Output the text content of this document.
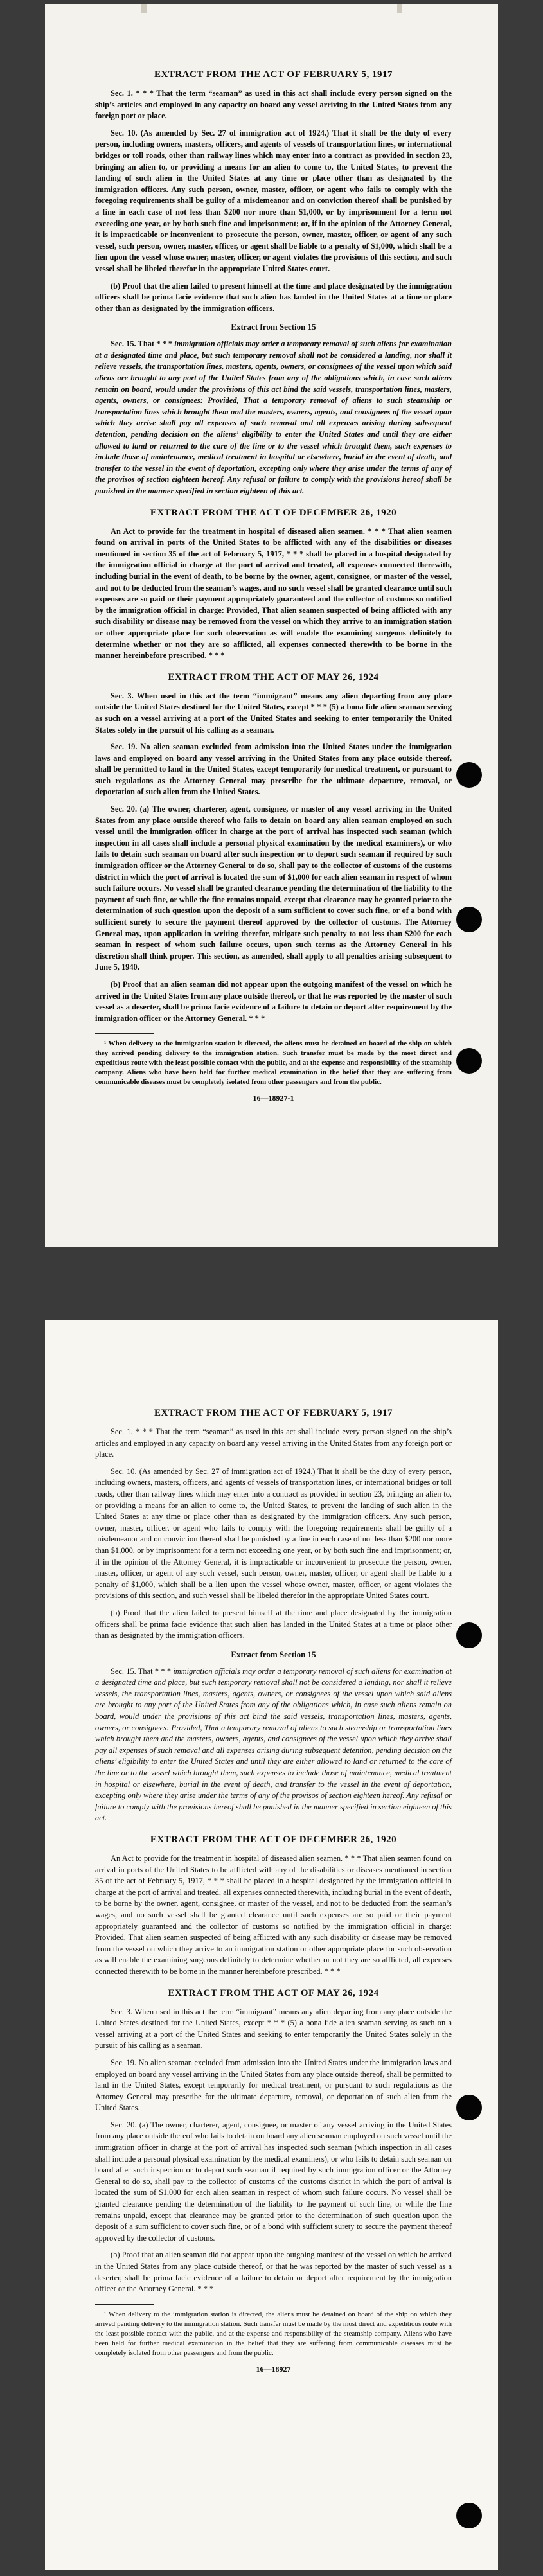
EXTRACT FROM THE ACT OF FEBRUARY 5, 1917

Sec. 1. * * * That the term “seaman” as used in this act shall include every person signed on the ship’s articles and employed in any capacity on board any vessel arriving in the United States from any foreign port or place.

Sec. 10. (As amended by Sec. 27 of immigration act of 1924.) That it shall be the duty of every person, including owners, masters, officers, and agents of vessels of transportation lines, or international bridges or toll roads, other than railway lines which may enter into a contract as provided in section 23, bringing an alien to, or providing a means for an alien to come to, the United States, to prevent the landing of such alien in the United States at any time or place other than as designated by the immigration officers. Any such person, owner, master, officer, or agent who fails to comply with the foregoing requirements shall be guilty of a misdemeanor and on conviction thereof shall be punished by a fine in each case of not less than $200 nor more than $1,000, or by imprisonment for a term not exceeding one year, or by both such fine and imprisonment; or, if in the opinion of the Attorney General, it is impracticable or inconvenient to prosecute the person, owner, master, officer, or agent of any such vessel, such person, owner, master, officer, or agent shall be liable to a penalty of $1,000, which shall be a lien upon the vessel whose owner, master, officer, or agent violates the provisions of this section, and such vessel shall be libeled therefor in the appropriate United States court.

(b) Proof that the alien failed to present himself at the time and place designated by the immigration officers shall be prima facie evidence that such alien has landed in the United States at a time or place other than as designated by the immigration officers.

Extract from Section 15

Sec. 15. That * * * immigration officials may order a temporary removal of such aliens for examination at a designated time and place, but such temporary removal shall not be considered a landing, nor shall it relieve vessels, the transportation lines, masters, agents, owners, or consignees of the vessel upon which said aliens are brought to any port of the United States from any of the obligations which, in case such aliens remain on board, would under the provisions of this act bind the said vessels, transportation lines, masters, agents, owners, or consignees: Provided, That a temporary removal of aliens to such steamship or transportation lines which brought them and the masters, owners, agents, and consignees of the vessel upon which they arrive shall pay all expenses of such removal and all expenses arising during subsequent detention, pending decision on the aliens’ eligibility to enter the United States and until they are either allowed to land or returned to the care of the line or to the vessel which brought them, such expenses to include those of maintenance, medical treatment in hospital or elsewhere, burial in the event of death, and transfer to the vessel in the event of deportation, excepting only where they arise under the terms of any of the provisos of section eighteen hereof. Any refusal or failure to comply with the provisions hereof shall be punished in the manner specified in section eighteen of this act.

EXTRACT FROM THE ACT OF DECEMBER 26, 1920

An Act to provide for the treatment in hospital of diseased alien seamen. * * * That alien seamen found on arrival in ports of the United States to be afflicted with any of the disabilities or diseases mentioned in section 35 of the act of February 5, 1917, * * * shall be placed in a hospital designated by the immigration official in charge at the port of arrival and treated, all expenses connected therewith, including burial in the event of death, to be borne by the owner, agent, consignee, or master of the vessel, and not to be deducted from the seaman’s wages, and no such vessel shall be granted clearance until such expenses are so paid or their payment appropriately guaranteed and the collector of customs so notified by the immigration official in charge: Provided, That alien seamen suspected of being afflicted with any such disability or disease may be removed from the vessel on which they arrive to an immigration station or other appropriate place for such observation as will enable the examining surgeons definitely to determine whether or not they are so afflicted, all expenses connected therewith to be borne in the manner hereinbefore prescribed. * * *

EXTRACT FROM THE ACT OF MAY 26, 1924

Sec. 3. When used in this act the term “immigrant” means any alien departing from any place outside the United States destined for the United States, except * * * (5) a bona fide alien seaman serving as such on a vessel arriving at a port of the United States and seeking to enter temporarily the United States solely in the pursuit of his calling as a seaman.

Sec. 19. No alien seaman excluded from admission into the United States under the immigration laws and employed on board any vessel arriving in the United States from any place outside thereof, shall be permitted to land in the United States, except temporarily for medical treatment, or pursuant to such regulations as the Attorney General may prescribe for the ultimate departure, removal, or deportation of such alien from the United States.

Sec. 20. (a) The owner, charterer, agent, consignee, or master of any vessel arriving in the United States from any place outside thereof who fails to detain on board any alien seaman employed on such vessel until the immigration officer in charge at the port of arrival has inspected such seaman (which inspection in all cases shall include a personal physical examination by the medical examiners), or who fails to detain such seaman on board after such inspection or to deport such seaman if required by such immigration officer or the Attorney General to do so, shall pay to the collector of customs of the customs district in which the port of arrival is located the sum of $1,000 for each alien seaman in respect of whom such failure occurs. No vessel shall be granted clearance pending the determination of the liability to the payment of such fine, or while the fine remains unpaid, except that clearance may be granted prior to the determination of such question upon the deposit of a sum sufficient to cover such fine, or of a bond with sufficient surety to secure the payment thereof approved by the collector of customs. The Attorney General may, upon application in writing therefor, mitigate such penalty to not less than $200 for each seaman in respect of whom such failure occurs, upon such terms as the Attorney General in his discretion shall think proper. This section, as amended, shall apply to all penalties arising subsequent to June 5, 1940.

(b) Proof that an alien seaman did not appear upon the outgoing manifest of the vessel on which he arrived in the United States from any place outside thereof, or that he was reported by the master of such vessel as a deserter, shall be prima facie evidence of a failure to detain or deport after requirement by the immigration officer or the Attorney General. * * *

¹ When delivery to the immigration station is directed, the aliens must be detained on board of the ship on which they arrived pending delivery to the immigration station. Such transfer must be made by the most direct and expeditious route with the least possible contact with the public, and at the expense and responsibility of the steamship company. Aliens who have been held for further medical examination in the belief that they are suffering from communicable diseases must be completely isolated from other passengers and from the public.

16—18927-1
EXTRACT FROM THE ACT OF FEBRUARY 5, 1917

Sec. 1. * * * That the term “seaman” as used in this act shall include every person signed on the ship’s articles and employed in any capacity on board any vessel arriving in the United States from any foreign port or place.

Sec. 10. (As amended by Sec. 27 of immigration act of 1924.) That it shall be the duty of every person, including owners, masters, officers, and agents of vessels of transportation lines, or international bridges or toll roads, other than railway lines which may enter into a contract as provided in section 23, bringing an alien to, or providing a means for an alien to come to, the United States, to prevent the landing of such alien in the United States at any time or place other than as designated by the immigration officers. Any such person, owner, master, officer, or agent who fails to comply with the foregoing requirements shall be guilty of a misdemeanor and on conviction thereof shall be punished by a fine in each case of not less than $200 nor more than $1,000, or by imprisonment for a term not exceeding one year, or by both such fine and imprisonment; or, if in the opinion of the Attorney General, it is impracticable or inconvenient to prosecute the person, owner, master, officer, or agent of any such vessel, such person, owner, master, officer, or agent shall be liable to a penalty of $1,000, which shall be a lien upon the vessel whose owner, master, officer, or agent violates the provisions of this section, and such vessel shall be libeled therefor in the appropriate United States court.

(b) Proof that the alien failed to present himself at the time and place designated by the immigration officers shall be prima facie evidence that such alien has landed in the United States at a time or place other than as designated by the immigration officers.

Extract from Section 15

Sec. 15. That * * * immigration officials may order a temporary removal of such aliens for examination at a designated time and place, but such temporary removal shall not be considered a landing, nor shall it relieve vessels, the transportation lines, masters, agents, owners, or consignees of the vessel upon which said aliens are brought to any port of the United States from any of the obligations which, in case such aliens remain on board, would under the provisions of this act bind the said vessels, transportation lines, masters, agents, owners, or consignees: Provided, That a temporary removal of aliens to such steamship or transportation lines which brought them and the masters, owners, agents, and consignees of the vessel upon which they arrive shall pay all expenses of such removal and all expenses arising during subsequent detention, pending decision on the aliens’ eligibility to enter the United States and until they are either allowed to land or returned to the care of the line or to the vessel which brought them, such expenses to include those of maintenance, medical treatment in hospital or elsewhere, burial in the event of death, and transfer to the vessel in the event of deportation, excepting only where they arise under the terms of any of the provisos of section eighteen hereof. Any refusal or failure to comply with the provisions hereof shall be punished in the manner specified in section eighteen of this act.

EXTRACT FROM THE ACT OF DECEMBER 26, 1920

An Act to provide for the treatment in hospital of diseased alien seamen. * * * That alien seamen found on arrival in ports of the United States to be afflicted with any of the disabilities or diseases mentioned in section 35 of the act of February 5, 1917, * * * shall be placed in a hospital designated by the immigration official in charge at the port of arrival and treated, all expenses connected therewith, including burial in the event of death, to be borne by the owner, agent, consignee, or master of the vessel, and not to be deducted from the seaman’s wages, and no such vessel shall be granted clearance until such expenses are so paid or their payment appropriately guaranteed and the collector of customs so notified by the immigration official in charge: Provided, That alien seamen suspected of being afflicted with any such disability or disease may be removed from the vessel on which they arrive to an immigration station or other appropriate place for such observation as will enable the examining surgeons definitely to determine whether or not they are so afflicted, all expenses connected therewith to be borne in the manner hereinbefore prescribed. * * *

EXTRACT FROM THE ACT OF MAY 26, 1924

Sec. 3. When used in this act the term “immigrant” means any alien departing from any place outside the United States destined for the United States, except * * * (5) a bona fide alien seaman serving as such on a vessel arriving at a port of the United States and seeking to enter temporarily the United States solely in the pursuit of his calling as a seaman.

Sec. 19. No alien seaman excluded from admission into the United States under the immigration laws and employed on board any vessel arriving in the United States from any place outside thereof, shall be permitted to land in the United States, except temporarily for medical treatment, or pursuant to such regulations as the Attorney General may prescribe for the ultimate departure, removal, or deportation of such alien from the United States.

Sec. 20. (a) The owner, charterer, agent, consignee, or master of any vessel arriving in the United States from any place outside thereof who fails to detain on board any alien seaman employed on such vessel until the immigration officer in charge at the port of arrival has inspected such seaman (which inspection in all cases shall include a personal physical examination by the medical examiners), or who fails to detain such seaman on board after such inspection or to deport such seaman if required by such immigration officer or the Attorney General to do so, shall pay to the collector of customs of the customs district in which the port of arrival is located the sum of $1,000 for each alien seaman in respect of whom such failure occurs. No vessel shall be granted clearance pending the determination of the liability to the payment of such fine, or while the fine remains unpaid, except that clearance may be granted prior to the determination of such question upon the deposit of a sum sufficient to cover such fine, or of a bond with sufficient surety to secure the payment thereof approved by the collector of customs.

(b) Proof that an alien seaman did not appear upon the outgoing manifest of the vessel on which he arrived in the United States from any place outside thereof, or that he was reported by the master of such vessel as a deserter, shall be prima facie evidence of a failure to detain or deport after requirement by the immigration officer or the Attorney General. * * *

¹ When delivery to the immigration station is directed, the aliens must be detained on board of the ship on which they arrived pending delivery to the immigration station. Such transfer must be made by the most direct and expeditious route with the least possible contact with the public, and at the expense and responsibility of the steamship company. Aliens who have been held for further medical examination in the belief that they are suffering from communicable diseases must be completely isolated from other passengers and from the public.

16—18927
